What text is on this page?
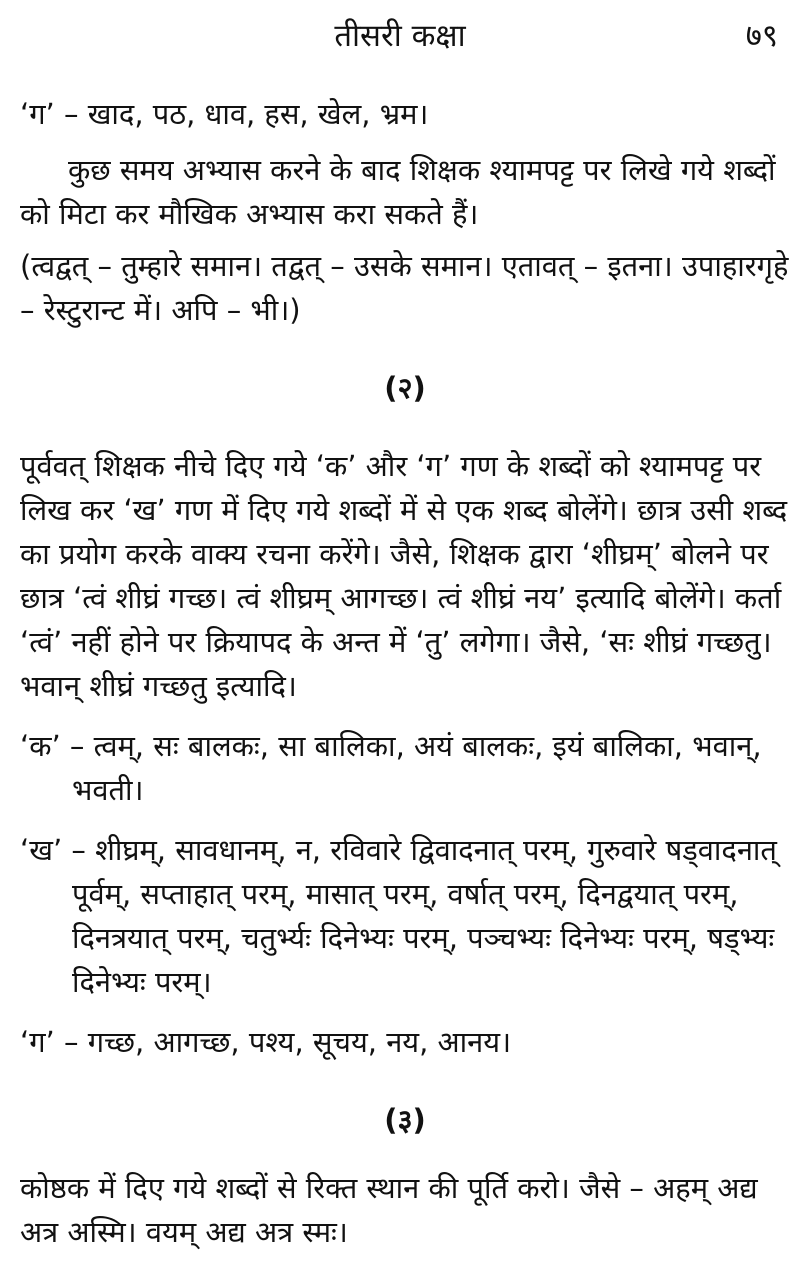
तीसरी कक्षा	७९

‘ग’ – खाद, पठ, धाव, हस, खेल, भ्रम।

कुछ समय अभ्यास करने के बाद शिक्षक श्यामपट्ट पर लिखे गये शब्दों को मिटा कर मौखिक अभ्यास करा सकते हैं।

(त्वद्वत् – तुम्हारे समान। तद्वत् – उसके समान। एतावत् – इतना। उपाहारगृहे – रेस्टुरान्ट में। अपि – भी।)

(२)

पूर्ववत् शिक्षक नीचे दिए गये ‘क’ और ‘ग’ गण के शब्दों को श्यामपट्ट पर लिख कर ‘ख’ गण में दिए गये शब्दों में से एक शब्द बोलेंगे। छात्र उसी शब्द का प्रयोग करके वाक्य रचना करेंगे। जैसे, शिक्षक द्वारा ‘शीघ्रम्’ बोलने पर छात्र ‘त्वं शीघ्रं गच्छ। त्वं शीघ्रम् आगच्छ। त्वं शीघ्रं नय’ इत्यादि बोलेंगे। कर्ता ‘त्वं’ नहीं होने पर क्रियापद के अन्त में ‘तु’ लगेगा। जैसे, ‘सः शीघ्रं गच्छतु। भवान् शीघ्रं गच्छतु इत्यादि।

‘क’ – त्वम्, सः बालकः, सा बालिका, अयं बालकः, इयं बालिका, भवान्, भवती।

‘ख’ – शीघ्रम्, सावधानम्, न, रविवारे द्विवादनात् परम्, गुरुवारे षड्वादनात् पूर्वम्, सप्ताहात् परम्, मासात् परम्, वर्षात् परम्, दिनद्वयात् परम्, दिनत्रयात् परम्, चतुर्भ्यः दिनेभ्यः परम्, पञ्चभ्यः दिनेभ्यः परम्, षड्भ्यः दिनेभ्यः परम्।

‘ग’ – गच्छ, आगच्छ, पश्य, सूचय, नय, आनय।

(३)

कोष्ठक में दिए गये शब्दों से रिक्त स्थान की पूर्ति करो। जैसे – अहम् अद्य अत्र अस्मि। वयम् अद्य अत्र स्मः।
